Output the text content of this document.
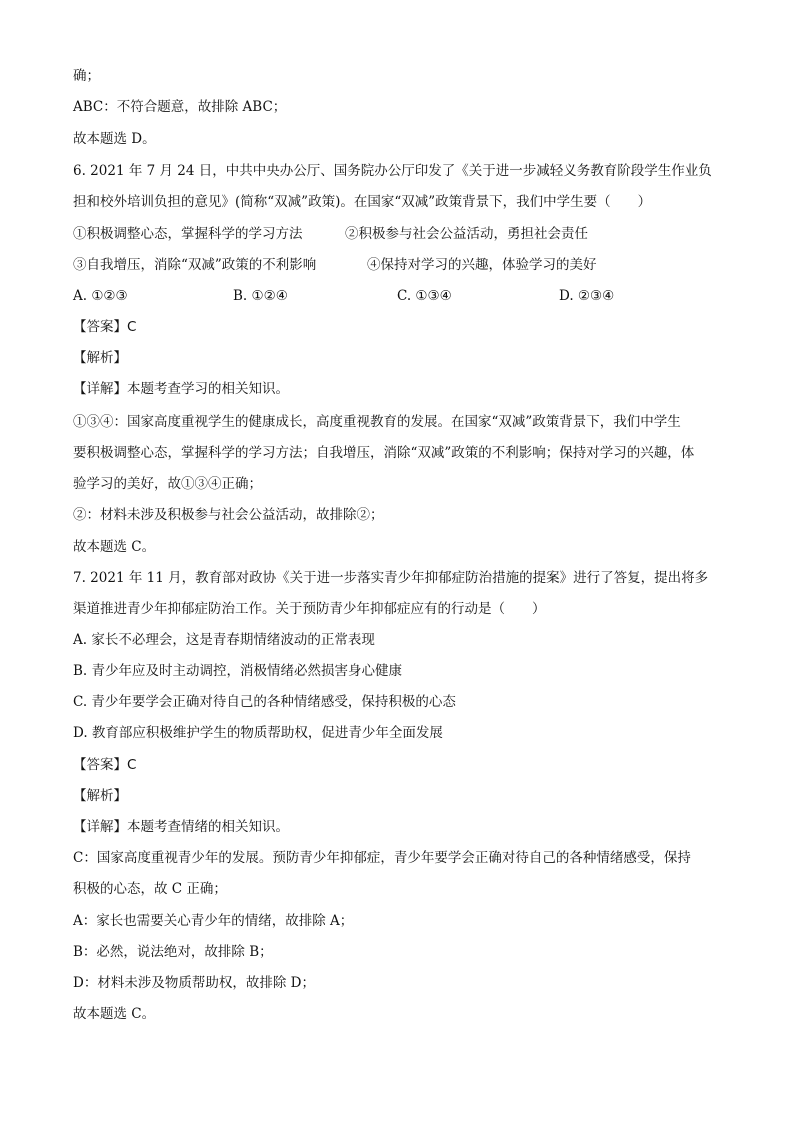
确；
ABC：不符合题意，故排除 ABC；
故本题选 D。
6. 2021 年 7 月 24 日，中共中央办公厅、国务院办公厅印发了《关于进一步减轻义务教育阶段学生作业负
担和校外培训负担的意见》(简称“双减”政策)。在国家“双减”政策背景下，我们中学生要（　　）
①积极调整心态，掌握科学的学习方法	②积极参与社会公益活动，勇担社会责任
③自我增压，消除“双减”政策的不利影响	④保持对学习的兴趣，体验学习的美好
A. ①②③	B. ①②④	C. ①③④	D. ②③④
【答案】C
【解析】
【详解】本题考查学习的相关知识。
①③④：国家高度重视学生的健康成长，高度重视教育的发展。在国家“双减”政策背景下，我们中学生
要积极调整心态，掌握科学的学习方法；自我增压，消除“双减”政策的不利影响；保持对学习的兴趣，体
验学习的美好，故①③④正确；
②：材料未涉及积极参与社会公益活动，故排除②；
故本题选 C。
7. 2021 年 11 月，教育部对政协《关于进一步落实青少年抑郁症防治措施的提案》进行了答复，提出将多
渠道推进青少年抑郁症防治工作。关于预防青少年抑郁症应有的行动是（　　）
A. 家长不必理会，这是青春期情绪波动的正常表现
B. 青少年应及时主动调控，消极情绪必然损害身心健康
C. 青少年要学会正确对待自己的各种情绪感受，保持积极的心态
D. 教育部应积极维护学生的物质帮助权，促进青少年全面发展
【答案】C
【解析】
【详解】本题考查情绪的相关知识。
C：国家高度重视青少年的发展。预防青少年抑郁症，青少年要学会正确对待自己的各种情绪感受，保持
积极的心态，故 C 正确；
A：家长也需要关心青少年的情绪，故排除 A；
B：必然，说法绝对，故排除 B；
D：材料未涉及物质帮助权，故排除 D；
故本题选 C。
